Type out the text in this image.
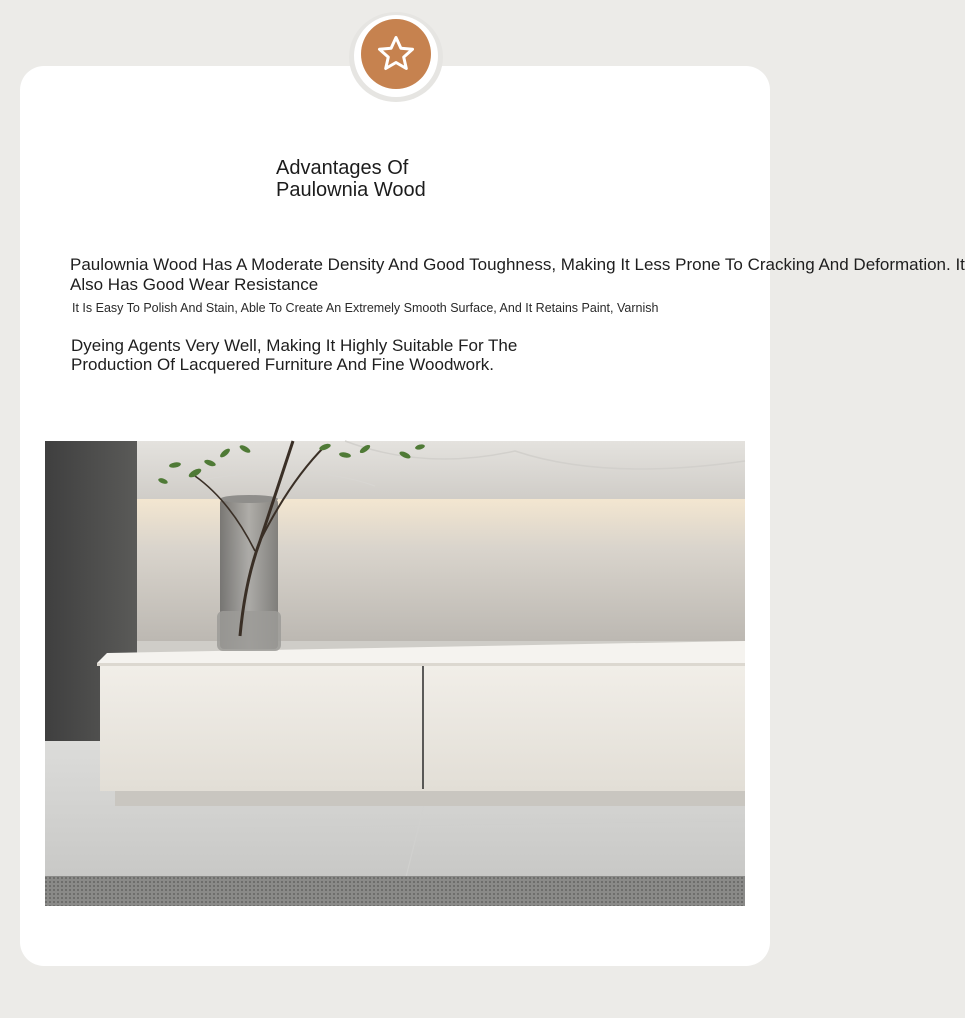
Advantages Of
Paulownia Wood

Paulownia Wood Has A Moderate Density And Good Toughness, Making It Less Prone To Cracking And Deformation. It
Also Has Good Wear Resistance

It Is Easy To Polish And Stain, Able To Create An Extremely Smooth Surface, And It Retains Paint, Varnish

Dyeing Agents Very Well, Making It Highly Suitable For The
Production Of Lacquered Furniture And Fine Woodwork.
